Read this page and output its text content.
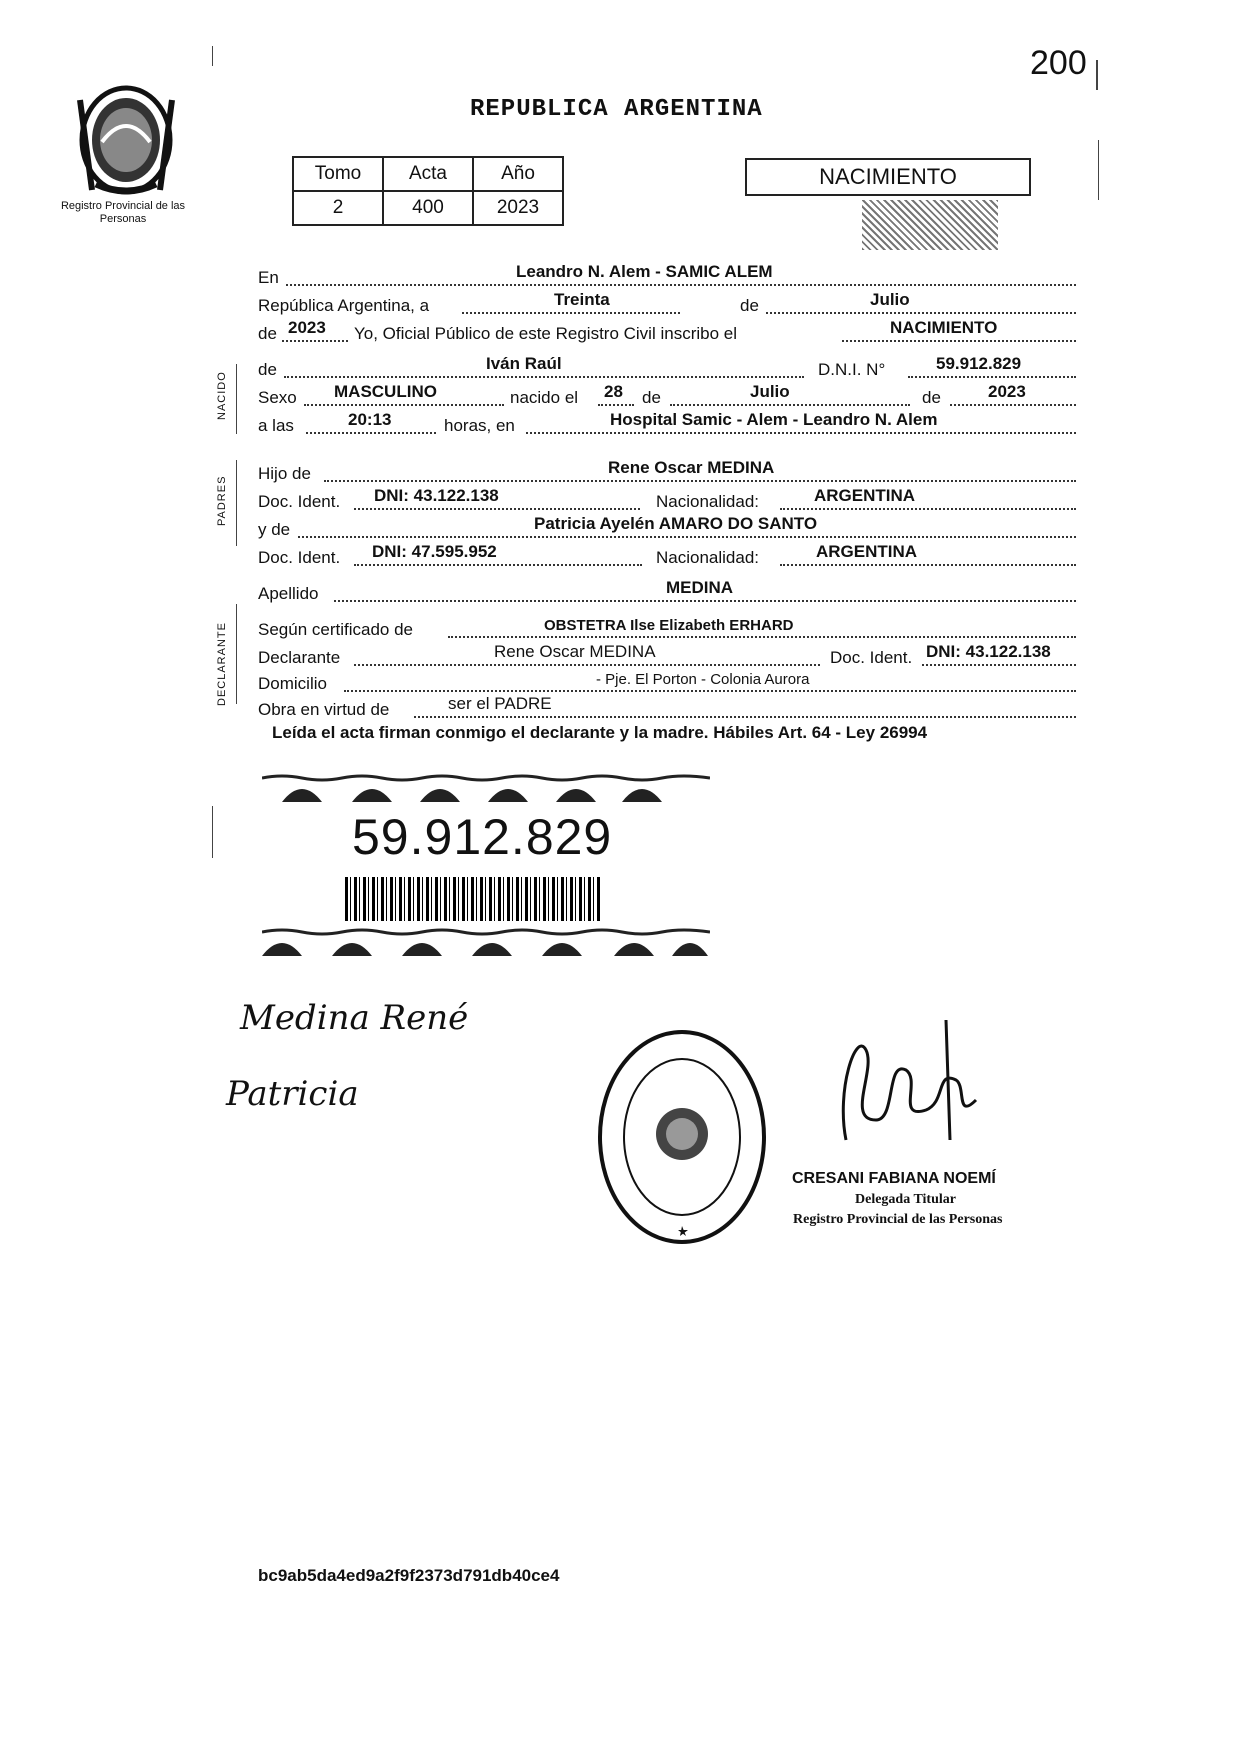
200
REPUBLICA ARGENTINA
Registro Provincial de las Personas
Tomo	Acta	Año
2	400	2023
NACIMIENTO
NACIDO
PADRES
DECLARANTE
En	Leandro N. Alem - SAMIC ALEM
República Argentina, a	Treinta	de	Julio
de 2023 Yo, Oficial Público de este Registro Civil inscribo el	NACIMIENTO
de	Iván Raúl	D.N.I. N°	59.912.829
Sexo MASCULINO	nacido el 28 de	Julio	de	2023
a las	20:13	horas, en	Hospital Samic - Alem - Leandro N. Alem
Hijo de	Rene Oscar MEDINA
Doc. Ident. DNI: 43.122.138	Nacionalidad:	ARGENTINA
y de	Patricia Ayelén AMARO DO SANTO
Doc. Ident. DNI: 47.595.952	Nacionalidad:	ARGENTINA
Apellido	MEDINA
Según certificado de	OBSTETRA Ilse Elizabeth ERHARD
Declarante	Rene Oscar MEDINA	Doc. Ident. DNI: 43.122.138
Domicilio	- Pje. El Porton - Colonia Aurora
Obra en virtud de	ser el PADRE
Leída el acta firman conmigo el declarante y la madre. Hábiles Art. 64 - Ley 26994
59.912.829
Medina René
Patricia
CRESANI FABIANA NOEMÍ
Delegada Titular
Registro Provincial de las Personas
bc9ab5da4ed9a2f9f2373d791db40ce4
